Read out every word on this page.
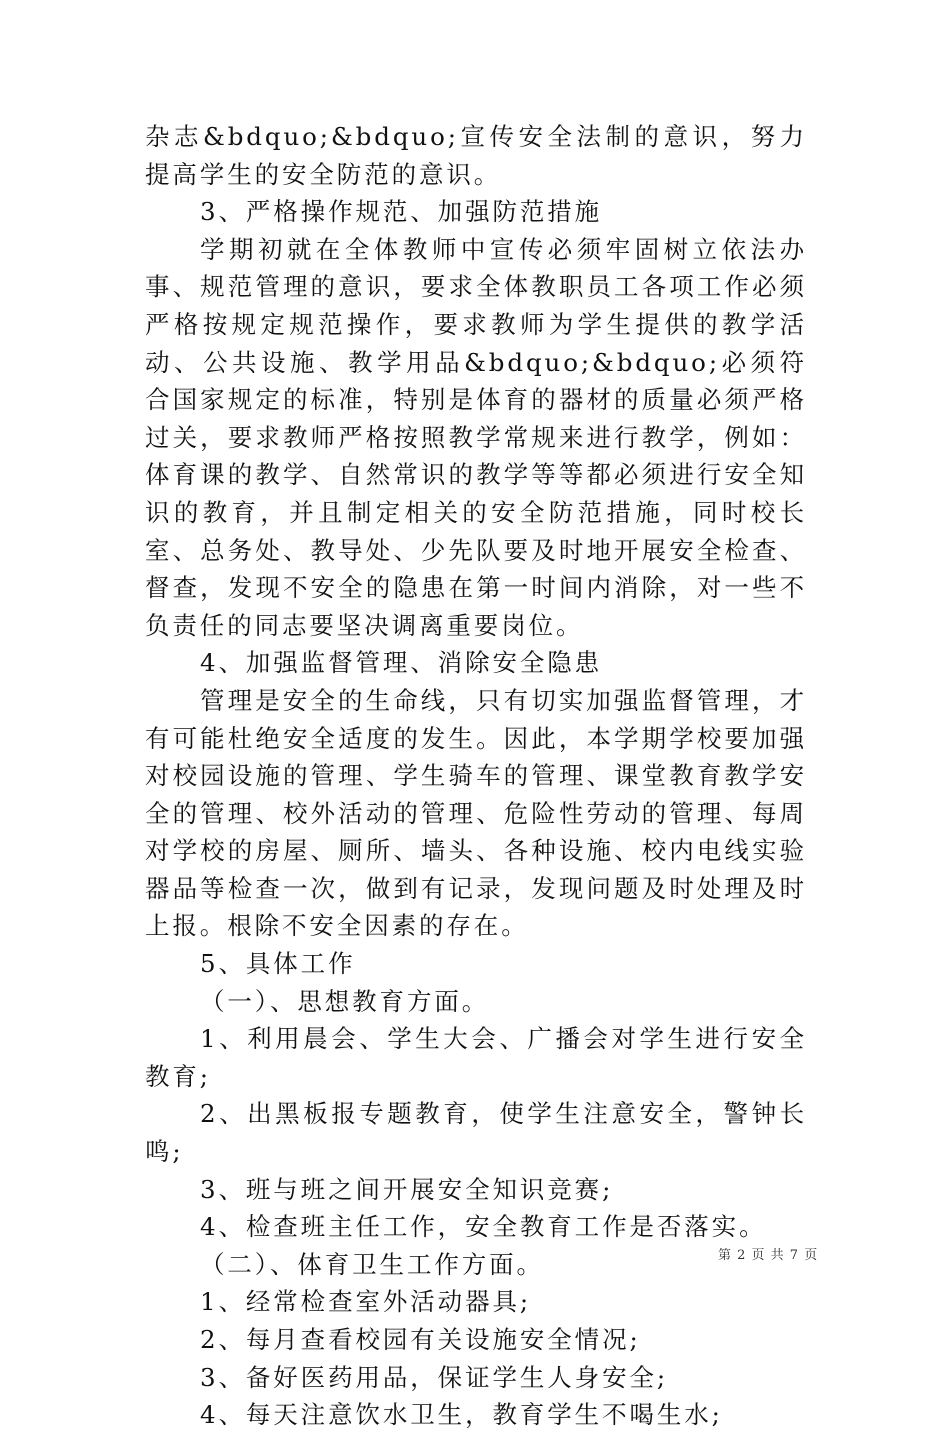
杂志&bdquo;&bdquo;宣传安全法制的意识，努力提高学生的安全防范的意识。

3、严格操作规范、加强防范措施

学期初就在全体教师中宣传必须牢固树立依法办事、规范管理的意识，要求全体教职员工各项工作必须严格按规定规范操作，要求教师为学生提供的教学活动、公共设施、教学用品&bdquo;&bdquo;必须符合国家规定的标准，特别是体育的器材的质量必须严格过关，要求教师严格按照教学常规来进行教学，例如：体育课的教学、自然常识的教学等等都必须进行安全知识的教育，并且制定相关的安全防范措施，同时校长室、总务处、教导处、少先队要及时地开展安全检查、督查，发现不安全的隐患在第一时间内消除，对一些不负责任的同志要坚决调离重要岗位。

4、加强监督管理、消除安全隐患

管理是安全的生命线，只有切实加强监督管理，才有可能杜绝安全适度的发生。因此，本学期学校要加强对校园设施的管理、学生骑车的管理、课堂教育教学安全的管理、校外活动的管理、危险性劳动的管理、每周对学校的房屋、厕所、墙头、各种设施、校内电线实验器品等检查一次，做到有记录，发现问题及时处理及时上报。根除不安全因素的存在。

5、具体工作

（一）、思想教育方面。

1、利用晨会、学生大会、广播会对学生进行安全教育;

2、出黑板报专题教育，使学生注意安全，警钟长鸣;

3、班与班之间开展安全知识竞赛;

4、检查班主任工作，安全教育工作是否落实。

（二）、体育卫生工作方面。

1、经常检查室外活动器具;

2、每月查看校园有关设施安全情况;

3、备好医药用品，保证学生人身安全;

4、每天注意饮水卫生，教育学生不喝生水;

第 2 页 共 7 页
